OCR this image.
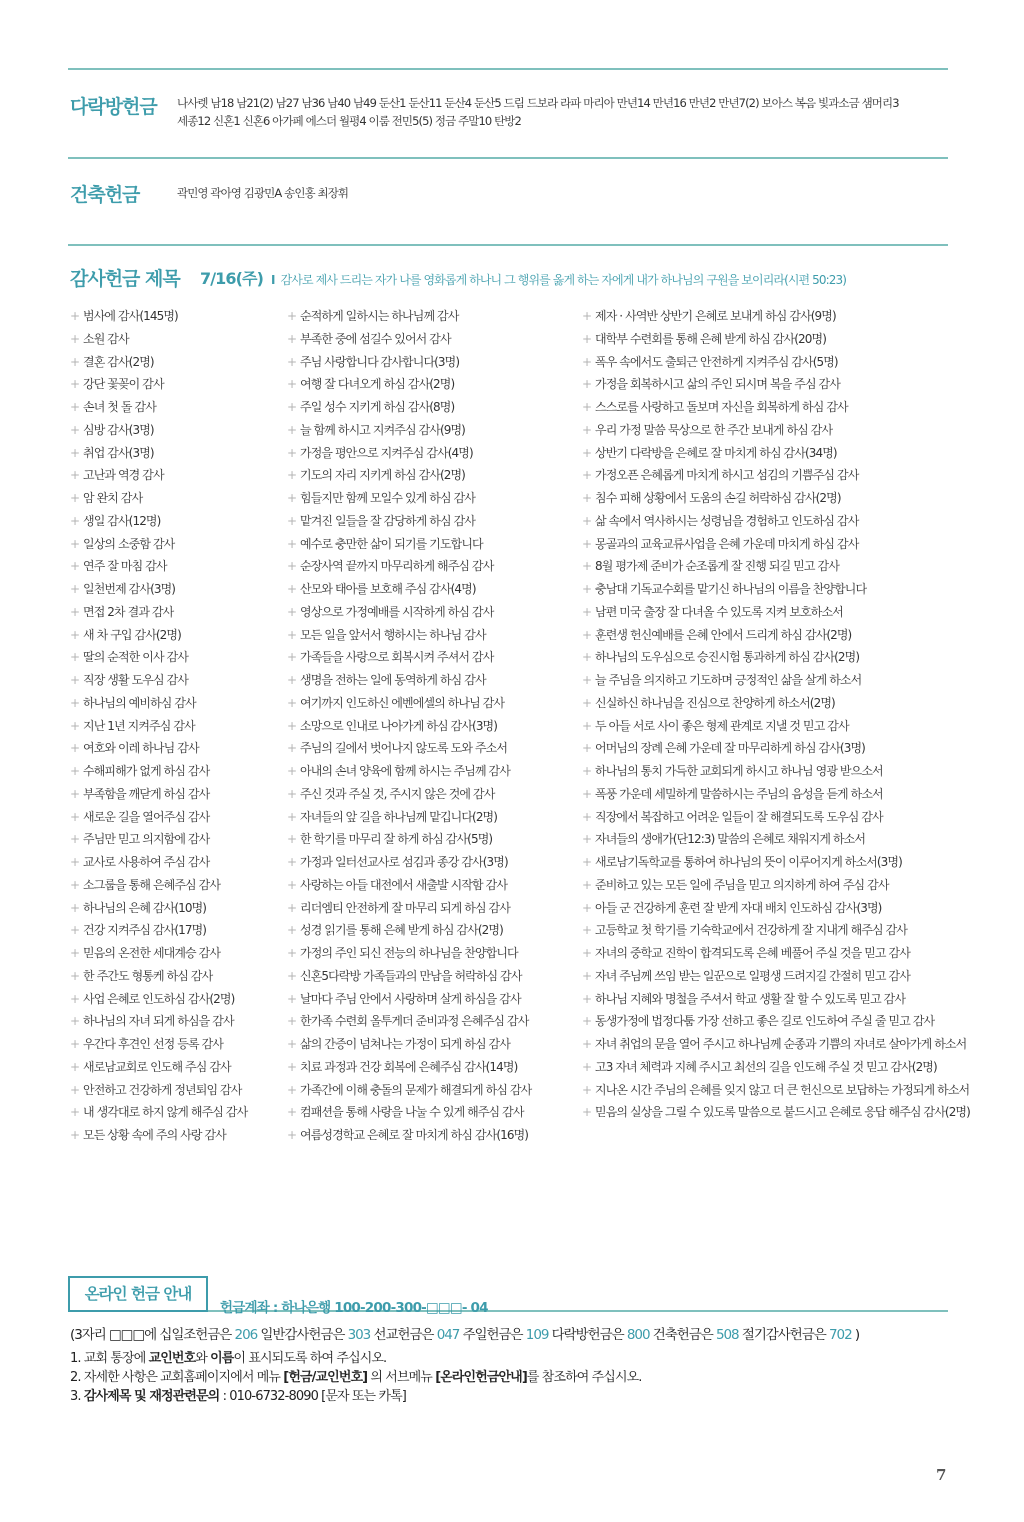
다락방헌금 나사렛 남18 남21(2) 남27 남36 남40 남49 둔산1 둔산11 둔산4 둔산5 드림 드보라 라파 마리아 만년14 만년16 만년2 만년7(2) 보아스 복음 빛과소금 샘머리3
세종12 신혼1 신혼6 아가페 에스더 월평4 이룸 전민5(5) 정금 주말10 탄방2
건축헌금	곽민영 곽아영 김광민A 송인홍 최장휘
감사헌금 제목 7/16(주) I 감사로 제사 드리는 자가 나를 영화롭게 하나니 그 행위를 옳게 하는 자에게 내가 하나님의 구원을 보이리라(시편 50:23)
+ 범사에 감사(145명)
+ 소원 감사
+ 결혼 감사(2명)
+ 강단 꽃꽂이 감사
+ 손녀 첫 돌 감사
+ 심방 감사(3명)
+ 취업 감사(3명)
+ 고난과 역경 감사
+ 암 완치 감사
+ 생일 감사(12명)
+ 일상의 소중함 감사
+ 연주 잘 마침 감사
+ 일천번제 감사(3명)
+ 면접 2차 결과 감사
+ 새 차 구입 감사(2명)
+ 딸의 순적한 이사 감사
+ 직장 생활 도우심 감사
+ 하나님의 예비하심 감사
+ 지난 1년 지켜주심 감사
+ 여호와 이레 하나님 감사
+ 수해피해가 없게 하심 감사
+ 부족함을 깨닫게 하심 감사
+ 새로운 길을 열어주심 감사
+ 주님만 믿고 의지함에 감사
+ 교사로 사용하여 주심 감사
+ 소그룹을 통해 은혜주심 감사
+ 하나님의 은혜 감사(10명)
+ 건강 지켜주심 감사(17명)
+ 믿음의 온전한 세대계승 감사
+ 한 주간도 형통케 하심 감사
+ 사업 은혜로 인도하심 감사(2명)
+ 하나님의 자녀 되게 하심을 감사
+ 우간다 후견인 선정 등록 감사
+ 새로남교회로 인도해 주심 감사
+ 안전하고 건강하게 정년퇴임 감사
+ 내 생각대로 하지 않게 해주심 감사
+ 모든 상황 속에 주의 사랑 감사
+ 순적하게 일하시는 하나님께 감사
+ 부족한 중에 섬길수 있어서 감사
+ 주님 사랑합니다 감사합니다(3명)
+ 여행 잘 다녀오게 하심 감사(2명)
+ 주일 성수 지키게 하심 감사(8명)
+ 늘 함께 하시고 지켜주심 감사(9명)
+ 가정을 평안으로 지켜주심 감사(4명)
+ 기도의 자리 지키게 하심 감사(2명)
+ 힘들지만 함께 모일수 있게 하심 감사
+ 맡겨진 일들을 잘 감당하게 하심 감사
+ 예수로 충만한 삶이 되기를 기도합니다
+ 순장사역 끝까지 마무리하게 해주심 감사
+ 산모와 태아를 보호해 주심 감사(4명)
+ 영상으로 가정예배를 시작하게 하심 감사
+ 모든 일을 앞서서 행하시는 하나님 감사
+ 가족들을 사랑으로 회복시켜 주셔서 감사
+ 생명을 전하는 일에 동역하게 하심 감사
+ 여기까지 인도하신 에벤에셀의 하나님 감사
+ 소망으로 인내로 나아가게 하심 감사(3명)
+ 주님의 길에서 벗어나지 않도록 도와 주소서
+ 아내의 손녀 양육에 함께 하시는 주님께 감사
+ 주신 것과 주실 것, 주시지 않은 것에 감사
+ 자녀들의 앞 길을 하나님께 맡깁니다(2명)
+ 한 학기를 마무리 잘 하게 하심 감사(5명)
+ 가정과 일터선교사로 섬김과 종강 감사(3명)
+ 사랑하는 아들 대전에서 새출발 시작함 감사
+ 리더엠티 안전하게 잘 마무리 되게 하심 감사
+ 성경 읽기를 통해 은혜 받게 하심 감사(2명)
+ 가정의 주인 되신 전능의 하나님을 찬양합니다
+ 신혼5다락방 가족들과의 만남을 허락하심 감사
+ 날마다 주님 안에서 사랑하며 살게 하심을 감사
+ 한가족 수련회 올투게더 준비과정 은혜주심 감사
+ 삶의 간증이 넘쳐나는 가정이 되게 하심 감사
+ 치료 과정과 건강 회복에 은혜주심 감사(14명)
+ 가족간에 이해 충돌의 문제가 해결되게 하심 감사
+ 컴패션을 통해 사랑을 나눌 수 있게 해주심 감사
+ 여름성경학교 은혜로 잘 마치게 하심 감사(16명)
+ 제자 · 사역반 상반기 은혜로 보내게 하심 감사(9명)
+ 대학부 수련회를 통해 은혜 받게 하심 감사(20명)
+ 폭우 속에서도 출퇴근 안전하게 지켜주심 감사(5명)
+ 가정을 회복하시고 삶의 주인 되시며 복을 주심 감사
+ 스스로를 사랑하고 돌보며 자신을 회복하게 하심 감사
+ 우리 가정 말씀 묵상으로 한 주간 보내게 하심 감사
+ 상반기 다락방을 은혜로 잘 마치게 하심 감사(34명)
+ 가정오픈 은혜롭게 마치게 하시고 섬김의 기쁨주심 감사
+ 침수 피해 상황에서 도움의 손길 허락하심 감사(2명)
+ 삶 속에서 역사하시는 성령님을 경험하고 인도하심 감사
+ 몽골과의 교육교류사업을 은혜 가운데 마치게 하심 감사
+ 8월 평가제 준비가 순조롭게 잘 진행 되길 믿고 감사
+ 충남대 기독교수회를 맡기신 하나님의 이름을 찬양합니다
+ 남편 미국 출장 잘 다녀올 수 있도록 지켜 보호하소서
+ 훈련생 헌신예배를 은혜 안에서 드리게 하심 감사(2명)
+ 하나님의 도우심으로 승진시험 통과하게 하심 감사(2명)
+ 늘 주님을 의지하고 기도하며 긍정적인 삶을 살게 하소서
+ 신실하신 하나님을 진심으로 찬양하게 하소서(2명)
+ 두 아들 서로 사이 좋은 형제 관계로 지낼 것 믿고 감사
+ 어머님의 장례 은혜 가운데 잘 마무리하게 하심 감사(3명)
+ 하나님의 통치 가득한 교회되게 하시고 하나님 영광 받으소서
+ 폭풍 가운데 세밀하게 말씀하시는 주님의 음성을 듣게 하소서
+ 직장에서 복잡하고 어려운 일들이 잘 해결되도록 도우심 감사
+ 자녀들의 생애가(단12:3) 말씀의 은혜로 채워지게 하소서
+ 새로남기독학교를 통하여 하나님의 뜻이 이루어지게 하소서(3명)
+ 준비하고 있는 모든 일에 주님을 믿고 의지하게 하여 주심 감사
+ 아들 군 건강하게 훈련 잘 받게 자대 배치 인도하심 감사(3명)
+ 고등학교 첫 학기를 기숙학교에서 건강하게 잘 지내게 해주심 감사
+ 자녀의 중학교 진학이 합격되도록 은혜 베풀어 주실 것을 믿고 감사
+ 자녀 주님께 쓰임 받는 일꾼으로 일평생 드려지길 간절히 믿고 감사
+ 하나님 지혜와 명철을 주셔서 학교 생활 잘 할 수 있도록 믿고 감사
+ 동생가정에 법정다툼 가장 선하고 좋은 길로 인도하여 주실 줄 믿고 감사
+ 자녀 취업의 문을 열어 주시고 하나님께 순종과 기쁨의 자녀로 살아가게 하소서
+ 고3 자녀 체력과 지혜 주시고 최선의 길을 인도해 주실 것 믿고 감사(2명)
+ 지나온 시간 주님의 은혜를 잊지 않고 더 큰 헌신으로 보답하는 가정되게 하소서
+ 믿음의 실상을 그릴 수 있도록 말씀으로 붙드시고 은혜로 응답 해주심 감사(2명)
온라인 헌금 안내
헌금계좌 : 하나은행 100-200-300-□□□- 04
(3자리 □□□에 십일조헌금은 206 일반감사헌금은 303 선교헌금은 047 주일헌금은 109 다락방헌금은 800 건축헌금은 508 절기감사헌금은 702 )
1. 교회 통장에 교인번호와 이름이 표시되도록 하여 주십시오.
2. 자세한 사항은 교회홈페이지에서 메뉴 [헌금/교인번호] 의 서브메뉴 [온라인헌금안내]를 참조하여 주십시오.
3. 감사제목 및 재정관련문의 : 010-6732-8090 [문자 또는 카톡]
7
